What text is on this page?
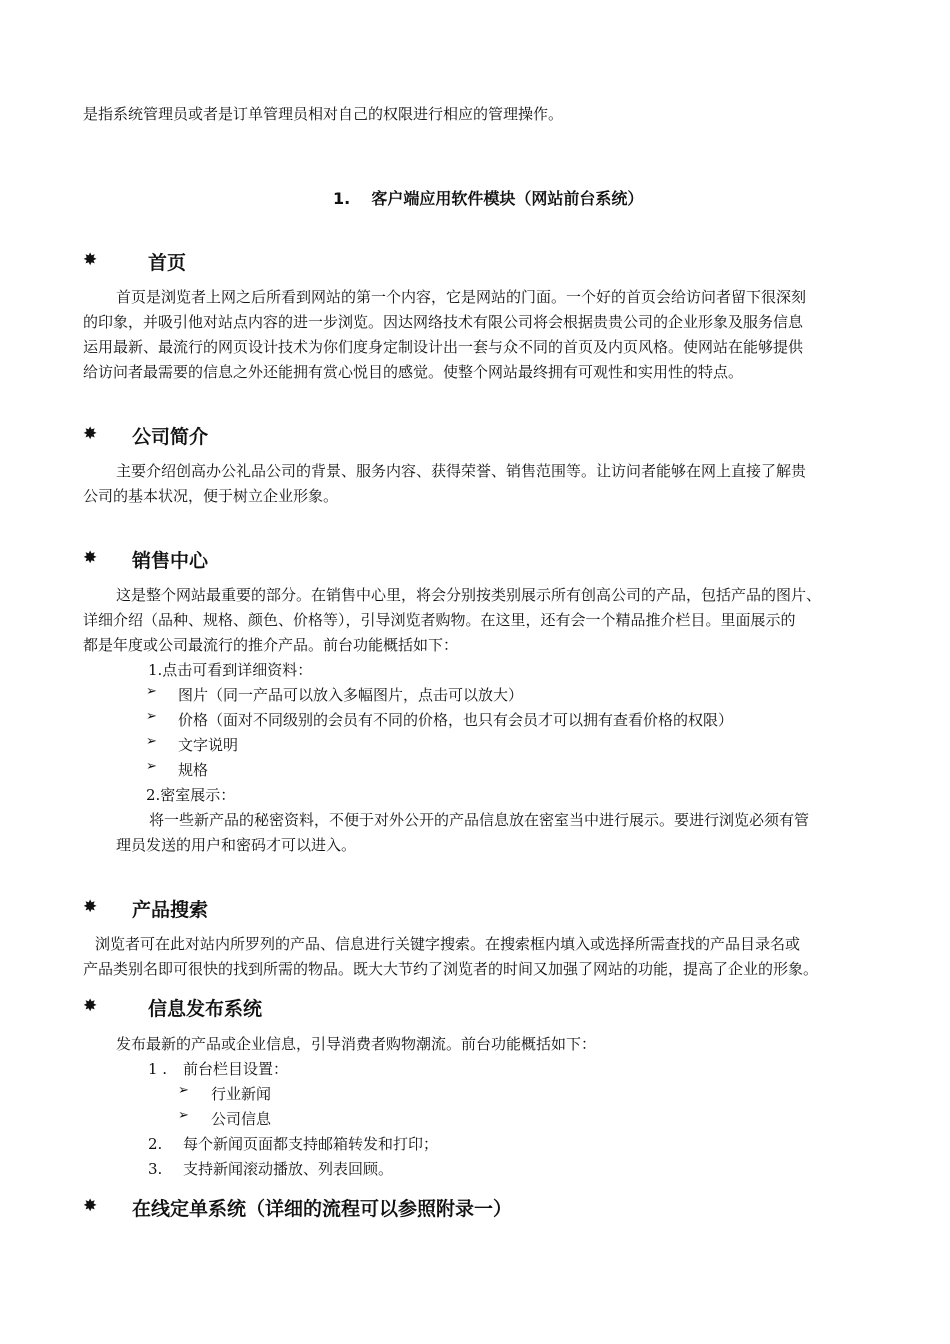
是指系统管理员或者是订单管理员相对自己的权限进行相应的管理操作。
1. 客户端应用软件模块（网站前台系统）
✸	首页
首页是浏览者上网之后所看到网站的第一个内容，它是网站的门面。一个好的首页会给访问者留下很深刻
的印象，并吸引他对站点内容的进一步浏览。因达网络技术有限公司将会根据贵贵公司的企业形象及服务信息
运用最新、最流行的网页设计技术为你们度身定制设计出一套与众不同的首页及内页风格。使网站在能够提供
给访问者最需要的信息之外还能拥有赏心悦目的感觉。使整个网站最终拥有可观性和实用性的特点。
✸ 公司简介
主要介绍创高办公礼品公司的背景、服务内容、获得荣誉、销售范围等。让访问者能够在网上直接了解贵
公司的基本状况，便于树立企业形象。
✸ 销售中心
这是整个网站最重要的部分。在销售中心里，将会分别按类别展示所有创高公司的产品，包括产品的图片、
详细介绍（品种、规格、颜色、价格等），引导浏览者购物。在这里，还有会一个精品推介栏目。里面展示的
都是年度或公司最流行的推介产品。前台功能概括如下：
1.点击可看到详细资料：
➢ 图片（同一产品可以放入多幅图片，点击可以放大）
➢ 价格（面对不同级别的会员有不同的价格，也只有会员才可以拥有查看价格的权限）
➢ 文字说明
➢ 规格
2.密室展示：
将一些新产品的秘密资料，不便于对外公开的产品信息放在密室当中进行展示。要进行浏览必须有管
理员发送的用户和密码才可以进入。
✸ 产品搜索
浏览者可在此对站内所罗列的产品、信息进行关键字搜索。在搜索框内填入或选择所需查找的产品目录名或
产品类别名即可很快的找到所需的物品。既大大节约了浏览者的时间又加强了网站的功能，提高了企业的形象。
✸	信息发布系统
发布最新的产品或企业信息，引导消费者购物潮流。前台功能概括如下：
1 . 前台栏目设置：
➢ 行业新闻
➢ 公司信息
2. 每个新闻页面都支持邮箱转发和打印；
3. 支持新闻滚动播放、列表回顾。
✸ 在线定单系统（详细的流程可以参照附录一）
